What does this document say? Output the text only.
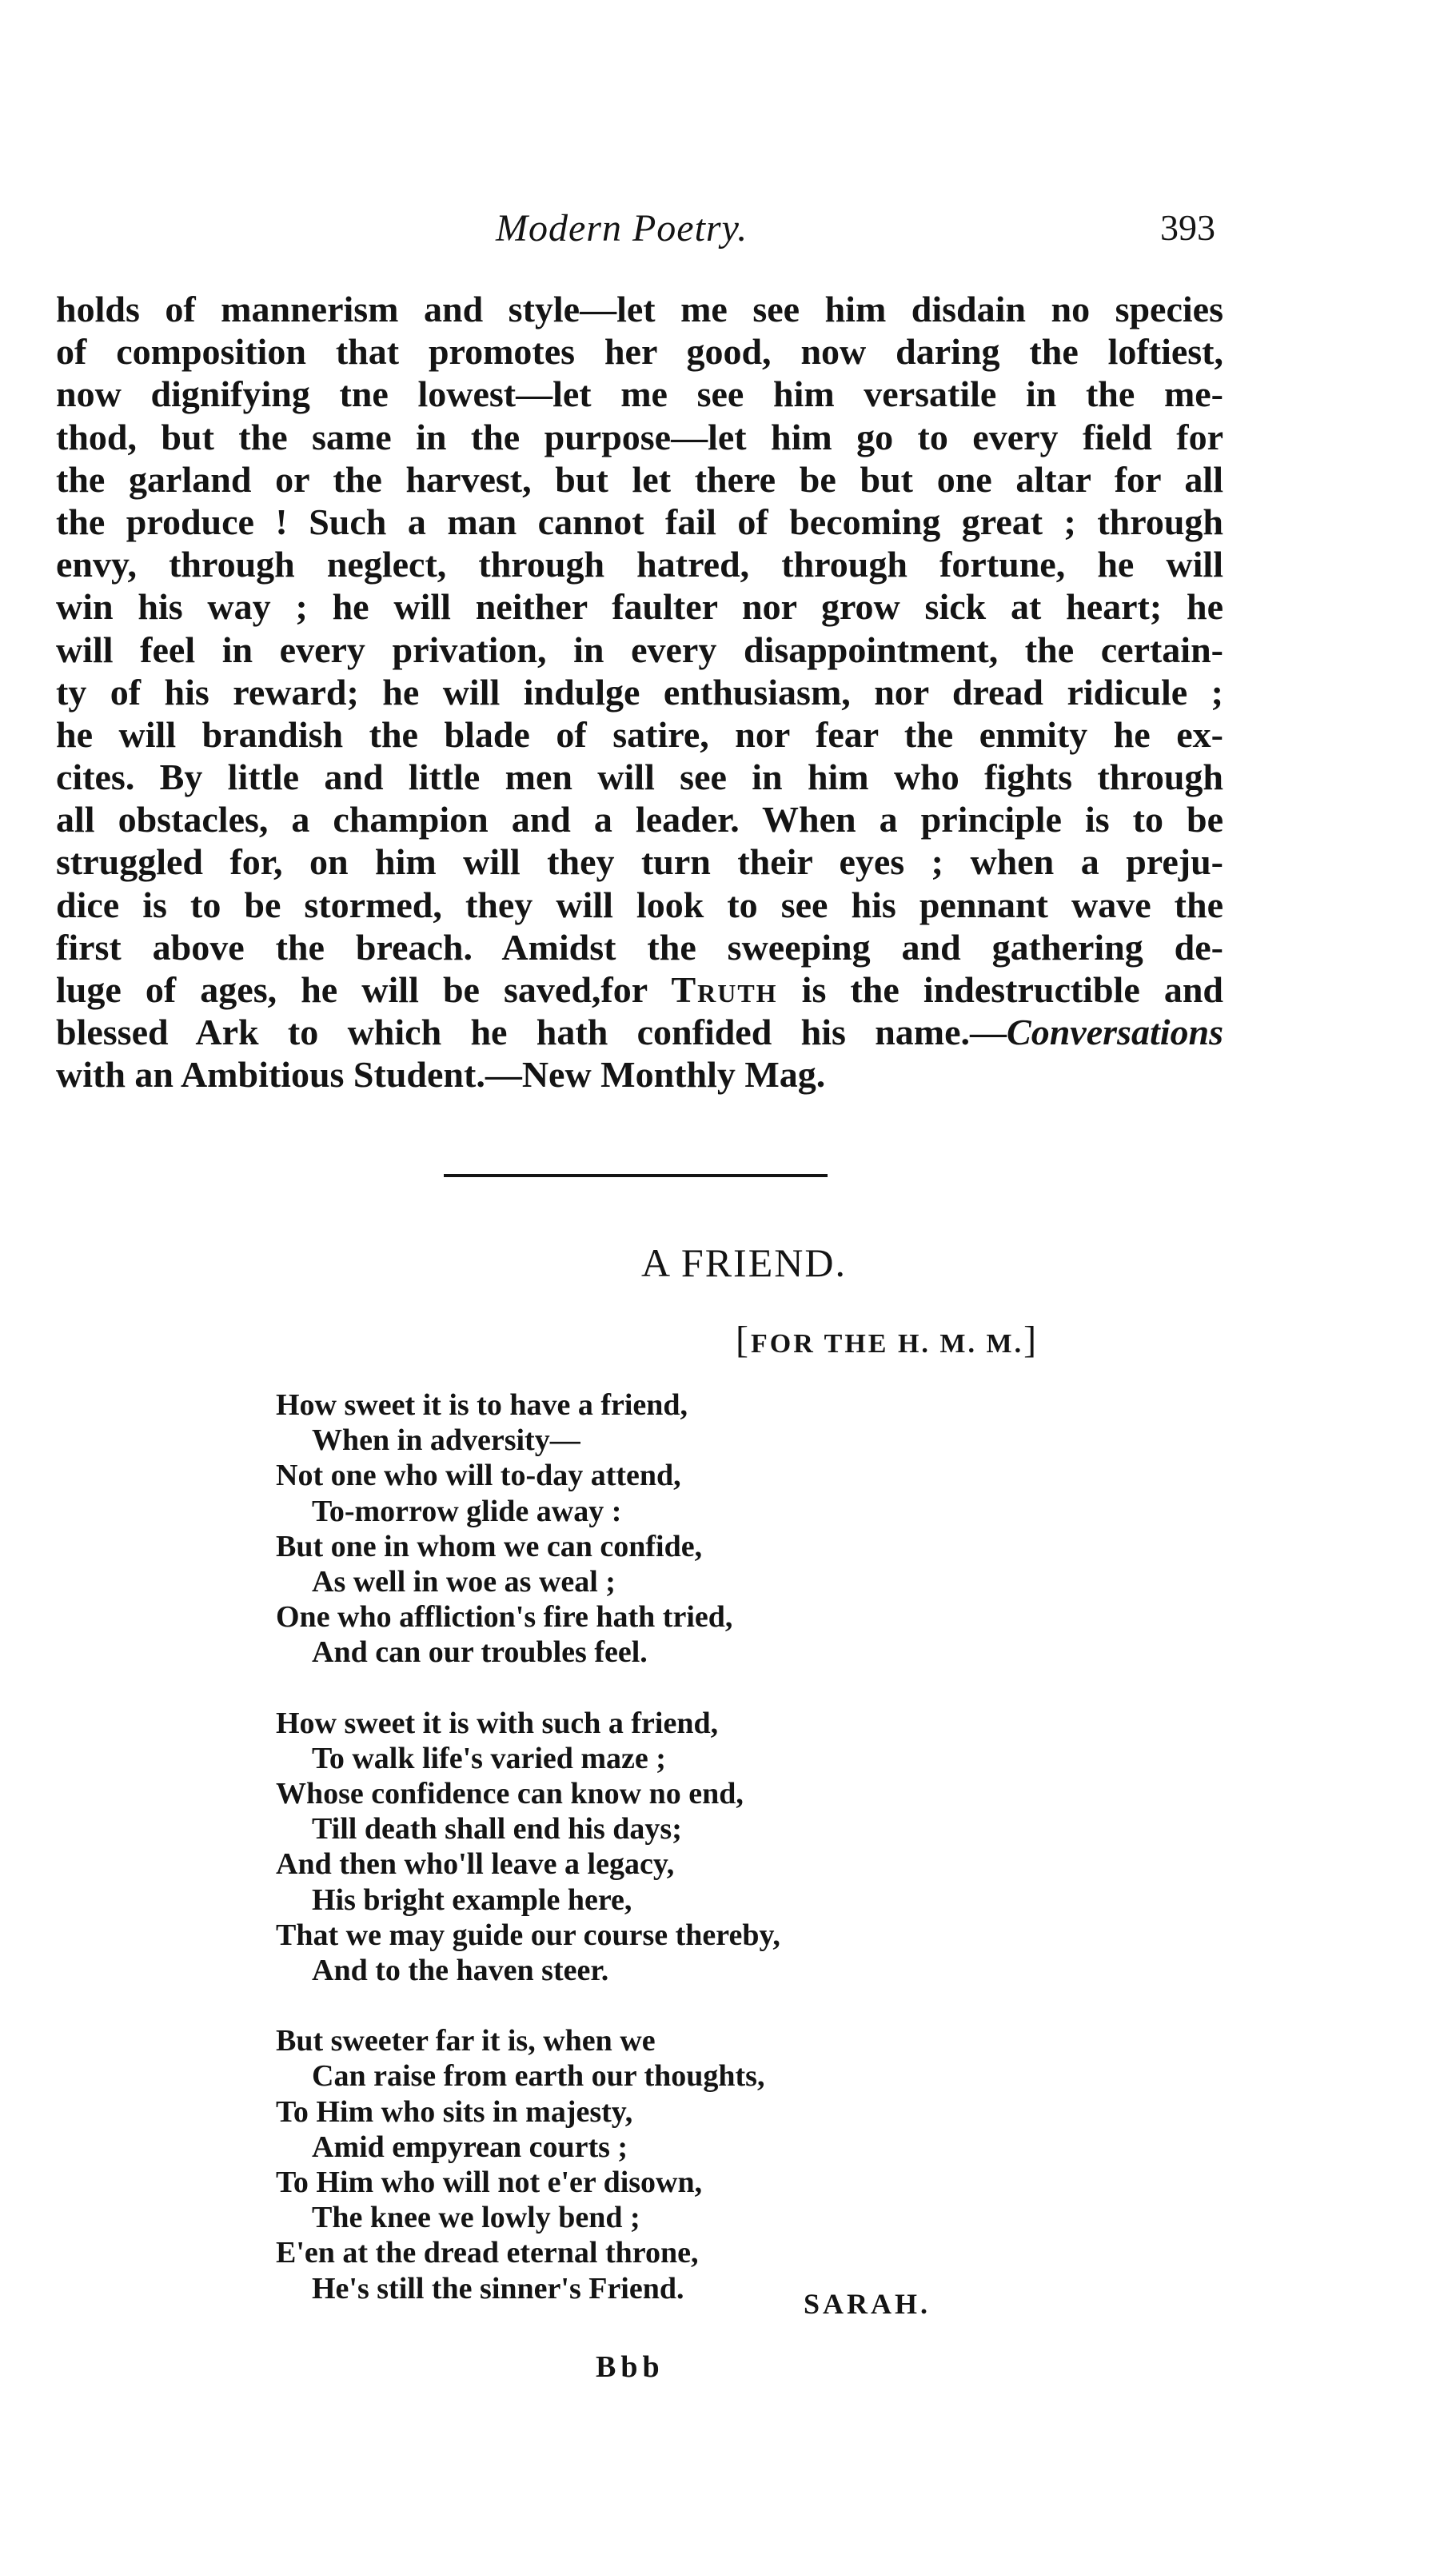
Modern Poetry.	393
holds of mannerism and style—let me see him disdain no species
of composition that promotes her good, now daring the loftiest,
now dignifying tne lowest—let me see him versatile in the me-
thod, but the same in the purpose—let him go to every field for
the garland or the harvest, but let there be but one altar for all
the produce ! Such a man cannot fail of becoming great ; through
envy, through neglect, through hatred, through fortune, he will
win his way ; he will neither faulter nor grow sick at heart; he
will feel in every privation, in every disappointment, the certain-
ty of his reward; he will indulge enthusiasm, nor dread ridicule ;
he will brandish the blade of satire, nor fear the enmity he ex-
cites. By little and little men will see in him who fights through
all obstacles, a champion and a leader. When a principle is to be
struggled for, on him will they turn their eyes ; when a preju-
dice is to be stormed, they will look to see his pennant wave the
first above the breach. Amidst the sweeping and gathering de-
luge of ages, he will be saved,for Truth is the indestructible and
blessed Ark to which he hath confided his name.—Conversations
with an Ambitious Student.—New Monthly Mag.
A FRIEND.
[FOR THE H. M. M.]
How sweet it is to have a friend,
When in adversity—
Not one who will to-day attend,
To-morrow glide away :
But one in whom we can confide,
As well in woe as weal ;
One who affliction's fire hath tried,
And can our troubles feel.
How sweet it is with such a friend,
To walk life's varied maze ;
Whose confidence can know no end,
Till death shall end his days;
And then who'll leave a legacy,
His bright example here,
That we may guide our course thereby,
And to the haven steer.
But sweeter far it is, when we
Can raise from earth our thoughts,
To Him who sits in majesty,
Amid empyrean courts ;
To Him who will not e'er disown,
The knee we lowly bend ;
E'en at the dread eternal throne,
He's still the sinner's Friend.	SARAH.
Bbb
